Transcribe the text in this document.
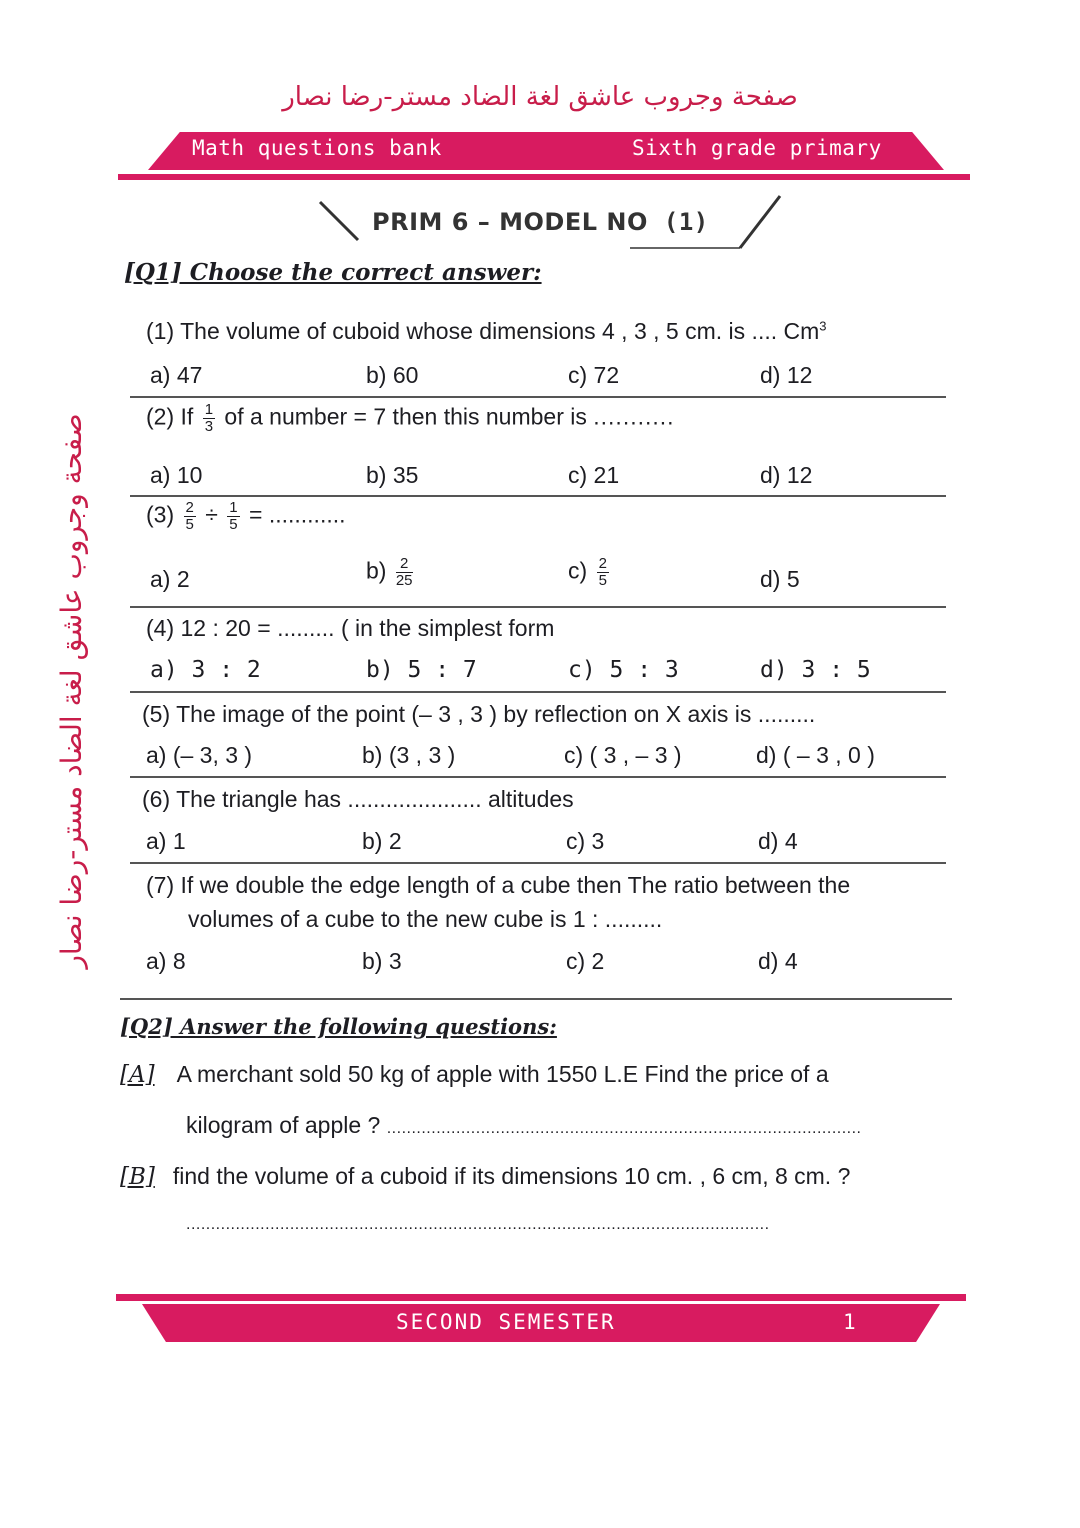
صفحة وجروب عاشق لغة الضاد مستر-رضا نصار
صفحة وجروب عاشق لغة الضاد مستر-رضا نصار
Math questions bank	Sixth grade primary
PRIM 6 – MODEL NO (1)
[Q1] Choose the correct answer:
(1) The volume of cuboid whose dimensions 4 , 3 , 5 cm. is .... Cm$^3$
a) 47	b) 60	c) 72	d) 12
(2) If $\frac{1}{3}$ of a number = 7 then this number is ...........
a) 10	b) 35	c) 21	d) 12
$(3) \frac{2}{5} \div \frac{1}{5}$ = ............
a) 2	$b) \frac{2}{25}$	$c) \frac{2}{5}$	d) 5
(4) 12 : 20 = ......... ( in the simplest form
a) 3 : 2	b) 5 : 7	c) 5 : 3	d) 3 : 5
(5) The image of the point (– 3 , 3 ) by reflection on X axis is .........
a) (– 3, 3 )	b) (3 , 3 )	c) ( 3 , – 3 )	d) ( – 3 , 0 )
(6) The triangle has ..................... altitudes
a) 1	b) 2	c) 3	d) 4
(7) If we double the edge length of a cube then The ratio between the
volumes of a cube to the new cube is 1 : .........
a) 8	b) 3	c) 2	d) 4
[Q2] Answer the following questions:
[A] A merchant sold 50 kg of apple with 1550 L.E Find the price of a
kilogram of apple ? ................................................................................................
[B] find the volume of a cuboid if its dimensions 10 cm. , 6 cm, 8 cm. ?
......................................................................................................................
SECOND SEMESTER	1
